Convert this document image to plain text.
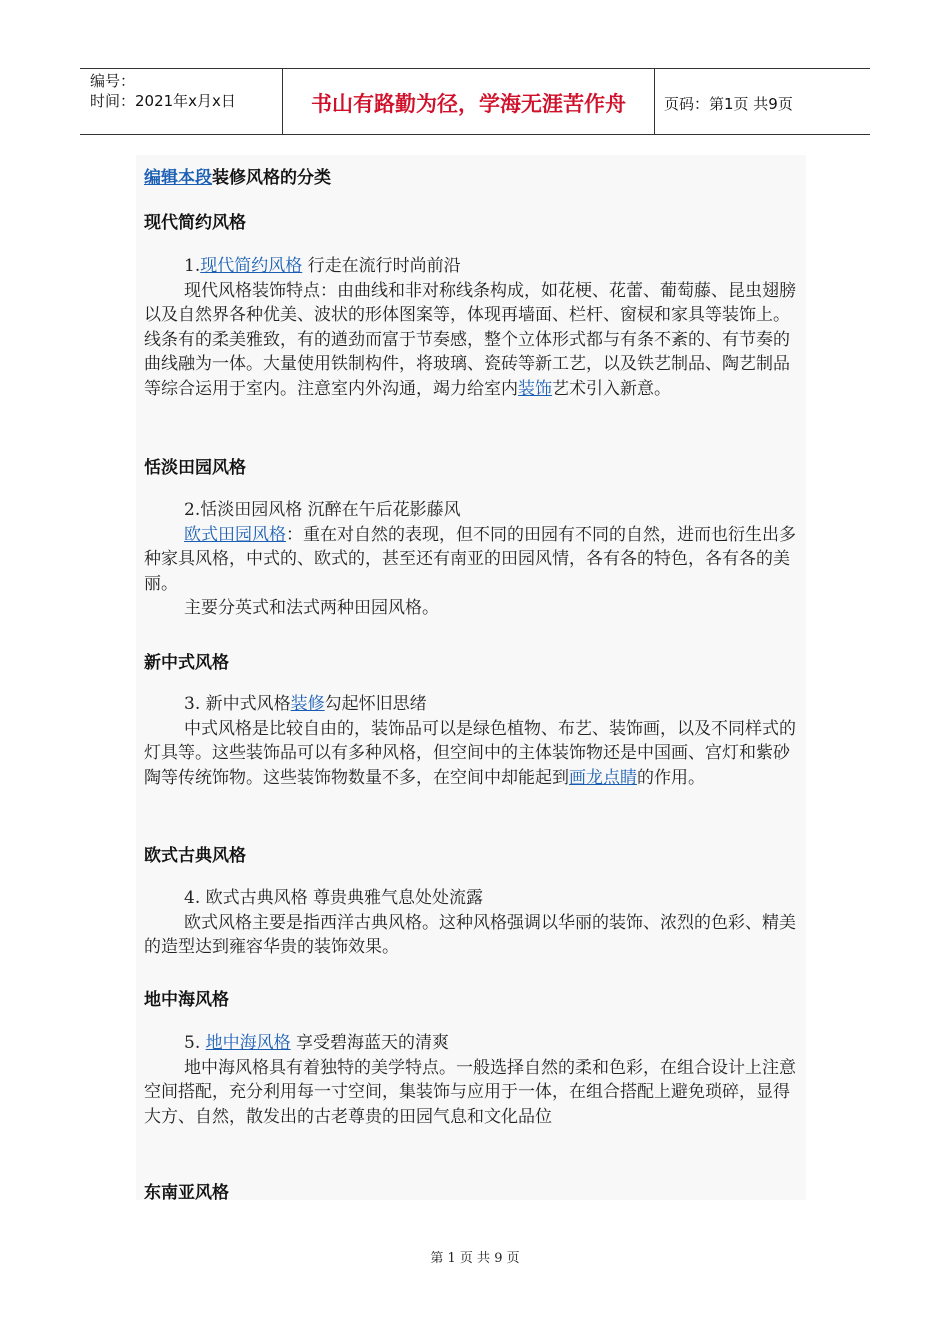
编号：
时间：2021年x月x日	书山有路勤为径，学海无涯苦作舟	页码：第1页 共9页
编辑本段装修风格的分类
现代简约风格
1.现代简约风格 行走在流行时尚前沿
现代风格装饰特点：由曲线和非对称线条构成，如花梗、花蕾、葡萄藤、昆虫翅膀以及自然界各种优美、波状的形体图案等，体现再墙面、栏杆、窗棂和家具等装饰上。线条有的柔美雅致，有的遒劲而富于节奏感，整个立体形式都与有条不紊的、有节奏的曲线融为一体。大量使用铁制构件，将玻璃、瓷砖等新工艺，以及铁艺制品、陶艺制品等综合运用于室内。注意室内外沟通，竭力给室内装饰艺术引入新意。
恬淡田园风格
2.恬淡田园风格 沉醉在午后花影藤风
欧式田园风格：重在对自然的表现，但不同的田园有不同的自然，进而也衍生出多种家具风格，中式的、欧式的，甚至还有南亚的田园风情，各有各的特色，各有各的美丽。
主要分英式和法式两种田园风格。
新中式风格
3. 新中式风格装修勾起怀旧思绪
中式风格是比较自由的，装饰品可以是绿色植物、布艺、装饰画，以及不同样式的灯具等。这些装饰品可以有多种风格，但空间中的主体装饰物还是中国画、宫灯和紫砂陶等传统饰物。这些装饰物数量不多，在空间中却能起到画龙点睛的作用。
欧式古典风格
4. 欧式古典风格 尊贵典雅气息处处流露
欧式风格主要是指西洋古典风格。这种风格强调以华丽的装饰、浓烈的色彩、精美的造型达到雍容华贵的装饰效果。
地中海风格
5. 地中海风格 享受碧海蓝天的清爽
地中海风格具有着独特的美学特点。一般选择自然的柔和色彩，在组合设计上注意空间搭配，充分利用每一寸空间，集装饰与应用于一体，在组合搭配上避免琐碎，显得大方、自然，散发出的古老尊贵的田园气息和文化品位
东南亚风格
第 1 页 共 9 页
